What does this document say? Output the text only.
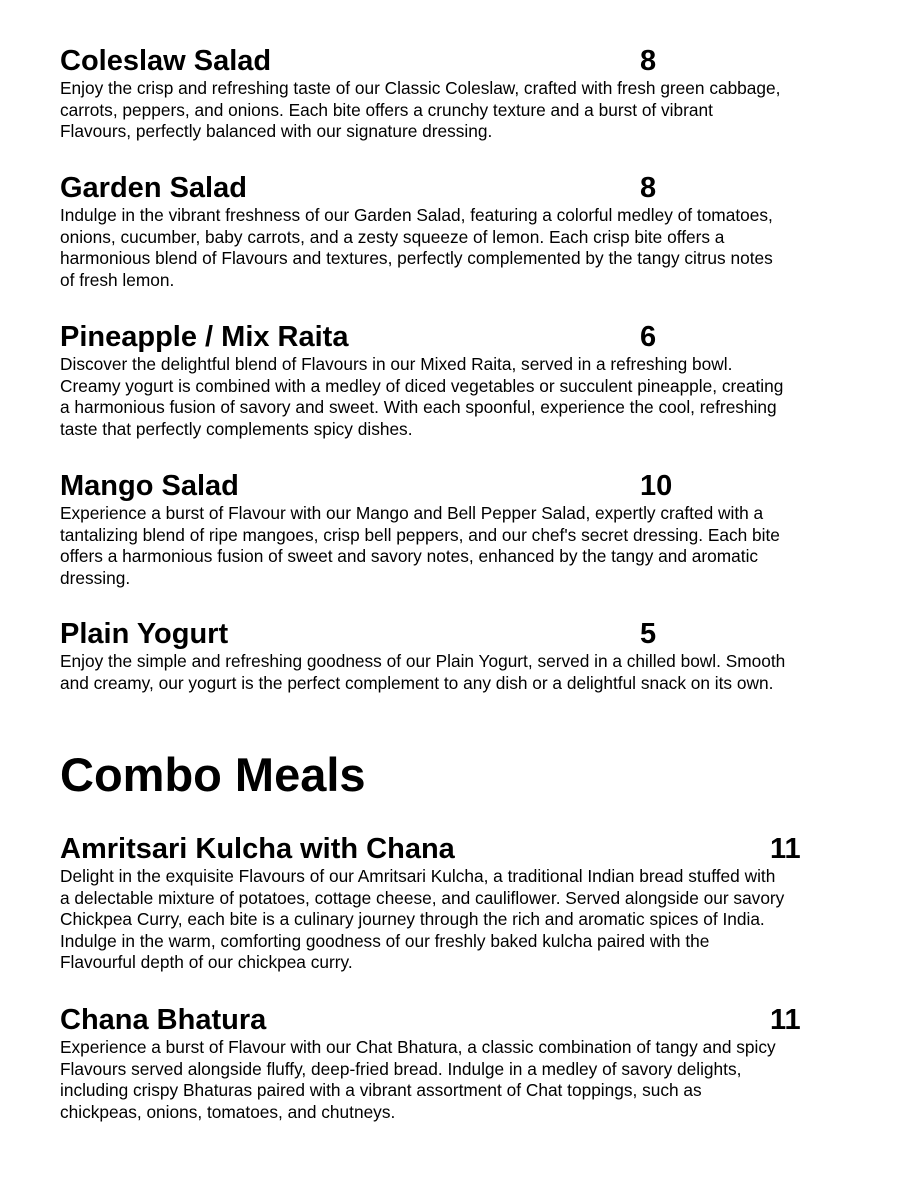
Coleslaw Salad	8

Enjoy the crisp and refreshing taste of our Classic Coleslaw, crafted with fresh green cabbage,
carrots, peppers, and onions. Each bite offers a crunchy texture and a burst of vibrant
Flavours, perfectly balanced with our signature dressing.

Garden Salad	8

Indulge in the vibrant freshness of our Garden Salad, featuring a colorful medley of tomatoes,
onions, cucumber, baby carrots, and a zesty squeeze of lemon. Each crisp bite offers a
harmonious blend of Flavours and textures, perfectly complemented by the tangy citrus notes
of fresh lemon.

Pineapple / Mix Raita	6

Discover the delightful blend of Flavours in our Mixed Raita, served in a refreshing bowl.
Creamy yogurt is combined with a medley of diced vegetables or succulent pineapple, creating
a harmonious fusion of savory and sweet. With each spoonful, experience the cool, refreshing
taste that perfectly complements spicy dishes.

Mango Salad	10

Experience a burst of Flavour with our Mango and Bell Pepper Salad, expertly crafted with a
tantalizing blend of ripe mangoes, crisp bell peppers, and our chef's secret dressing. Each bite
offers a harmonious fusion of sweet and savory notes, enhanced by the tangy and aromatic
dressing.

Plain Yogurt	5

Enjoy the simple and refreshing goodness of our Plain Yogurt, served in a chilled bowl. Smooth
and creamy, our yogurt is the perfect complement to any dish or a delightful snack on its own.

Combo Meals
Amritsari Kulcha with Chana	11

Delight in the exquisite Flavours of our Amritsari Kulcha, a traditional Indian bread stuffed with
a delectable mixture of potatoes, cottage cheese, and cauliflower. Served alongside our savory
Chickpea Curry, each bite is a culinary journey through the rich and aromatic spices of India.
Indulge in the warm, comforting goodness of our freshly baked kulcha paired with the
Flavourful depth of our chickpea curry.

Chana Bhatura	11

Experience a burst of Flavour with our Chat Bhatura, a classic combination of tangy and spicy
Flavours served alongside fluffy, deep-fried bread. Indulge in a medley of savory delights,
including crispy Bhaturas paired with a vibrant assortment of Chat toppings, such as
chickpeas, onions, tomatoes, and chutneys.
